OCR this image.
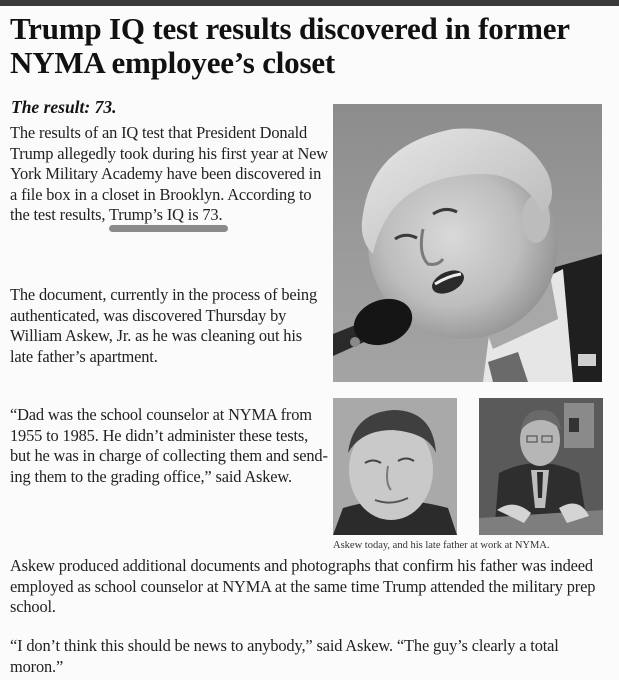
Trump IQ test results discovered in former NYMA employee’s closet

The result: 73.

The results of an IQ test that President Donald Trump allegedly took during his first year at New York Military Academy have been discovered in a file box in a closet in Brooklyn. According to the test results, Trump’s IQ is 73.

The document, currently in the process of being authenticated, was discovered Thursday by William Askew, Jr. as he was cleaning out his late father’s apartment.

“Dad was the school counselor at NYMA from 1955 to 1985. He didn’t administer these tests, but he was in charge of collecting them and send-ing them to the grading office,” said Askew.

Askew today, and his late father at work at NYMA.

Askew produced additional documents and photographs that confirm his father was indeed employed as school counselor at NYMA at the same time Trump attended the military prep school.

“I don’t think this should be news to anybody,” said Askew. “The guy’s clearly a total moron.”
